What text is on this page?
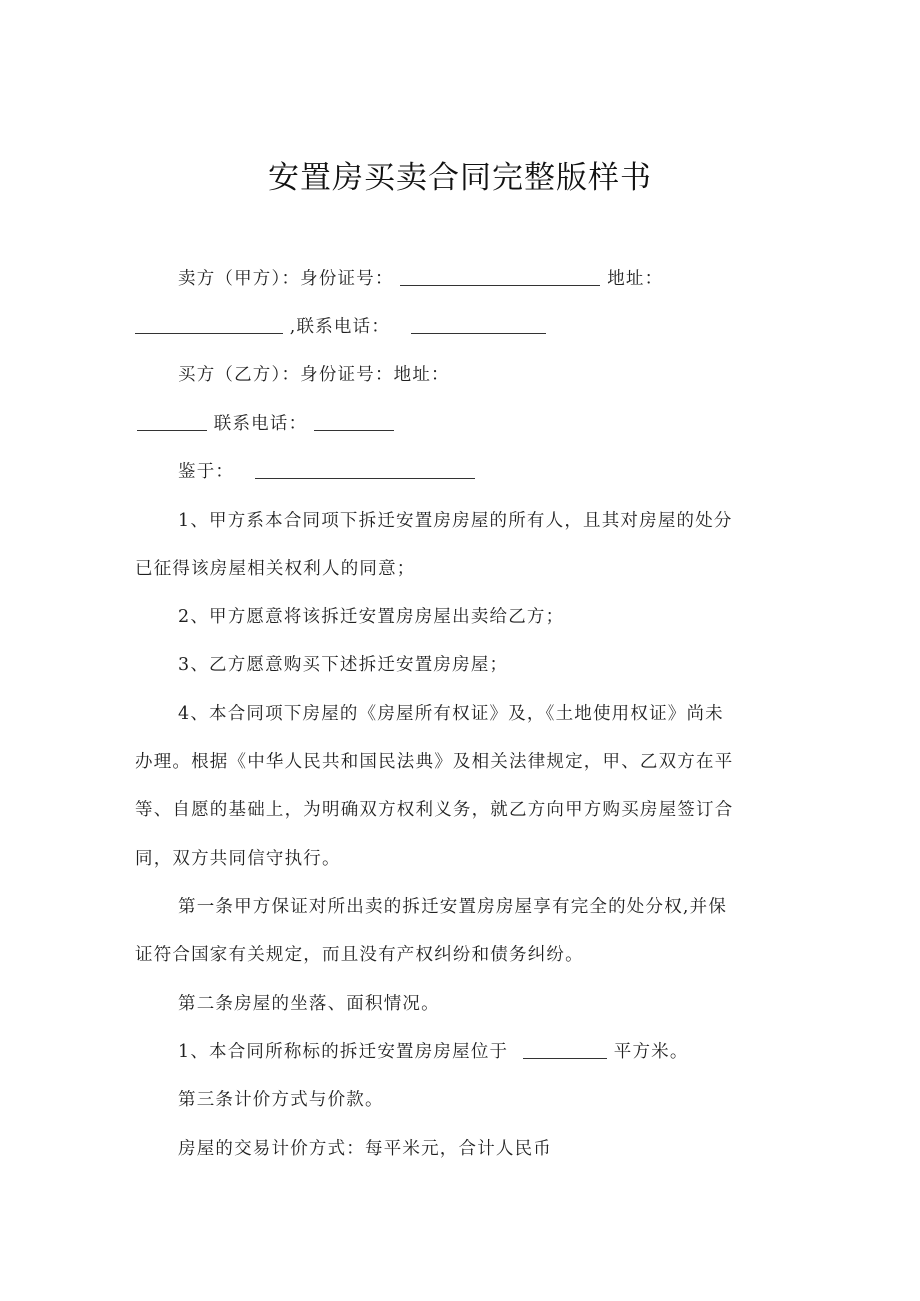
安置房买卖合同完整版样书
卖方（甲方）：身份证号：	地址：
,联系电话：
买方（乙方）：身份证号：地址：
联系电话：
鉴于：
1、甲方系本合同项下拆迁安置房房屋的所有人，且其对房屋的处分
已征得该房屋相关权利人的同意；
2、甲方愿意将该拆迁安置房房屋出卖给乙方；
3、乙方愿意购买下述拆迁安置房房屋；
4、本合同项下房屋的《房屋所有权证》及，《土地使用权证》尚未
办理。根据《中华人民共和国民法典》及相关法律规定，甲、乙双方在平
等、自愿的基础上，为明确双方权利义务，就乙方向甲方购买房屋签订合
同，双方共同信守执行。
第一条甲方保证对所出卖的拆迁安置房房屋享有完全的处分权,并保
证符合国家有关规定，而且没有产权纠纷和债务纠纷。
第二条房屋的坐落、面积情况。
1、本合同所称标的拆迁安置房房屋位于	平方米。
第三条计价方式与价款。
房屋的交易计价方式：每平米元，合计人民币
